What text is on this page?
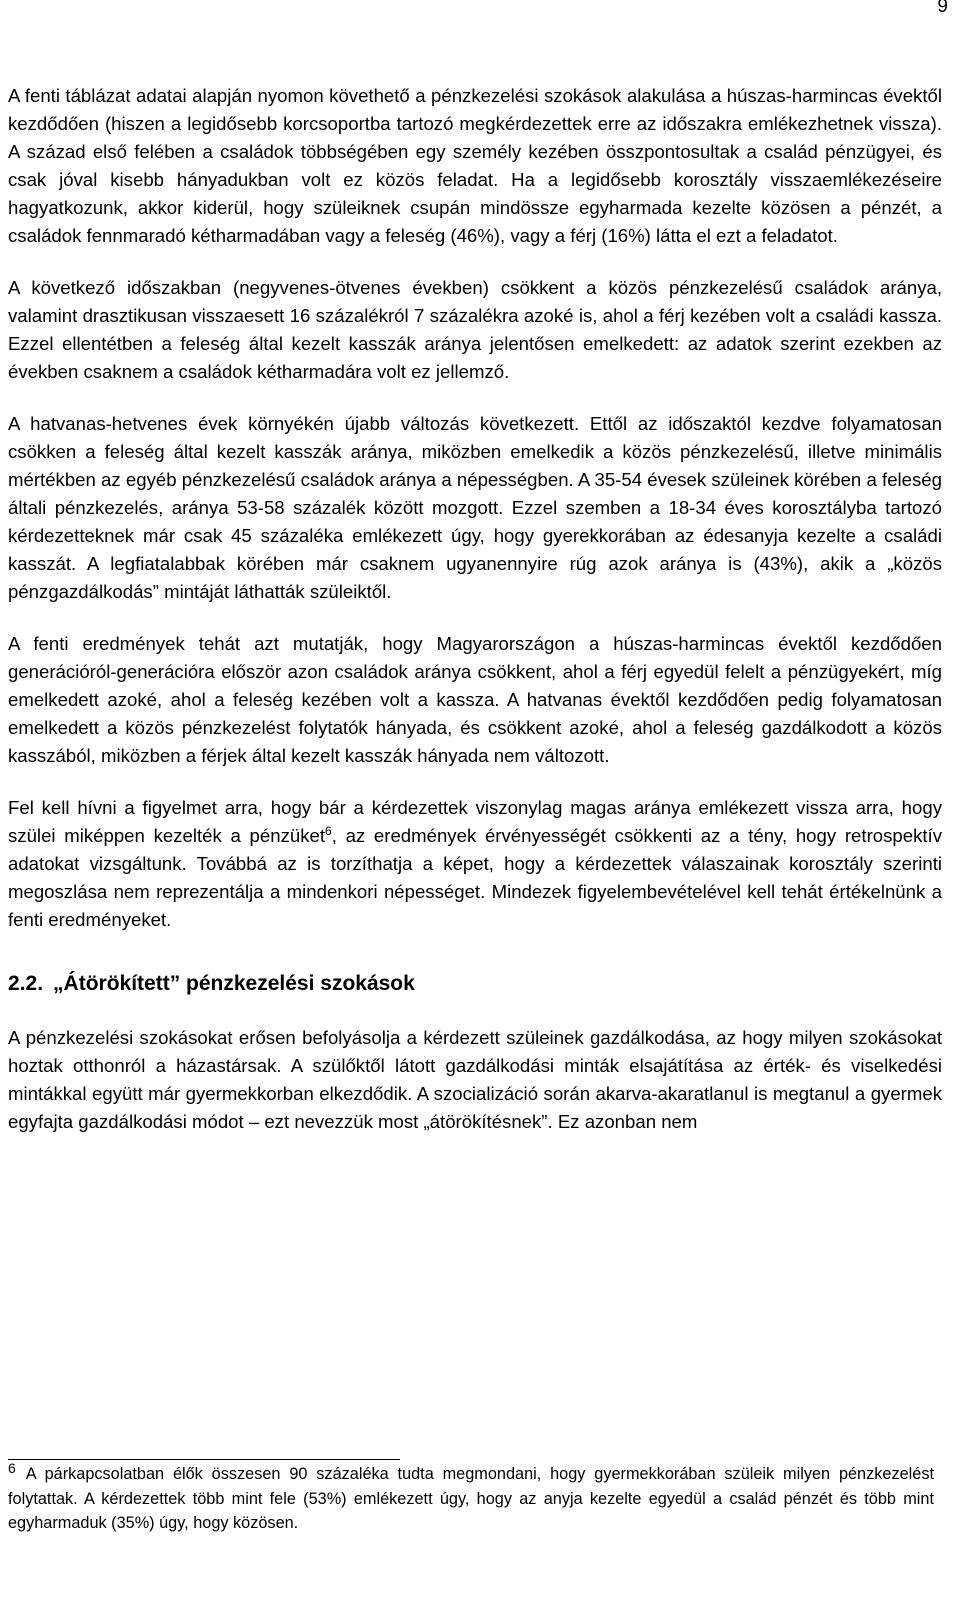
9

A fenti táblázat adatai alapján nyomon követhető a pénzkezelési szokások alakulása a húszas-harmincas évektől kezdődően (hiszen a legidősebb korcsoportba tartozó megkérdezettek erre az időszakra emlékezhetnek vissza). A század első felében a családok többségében egy személy kezében összpontosultak a család pénzügyei, és csak jóval kisebb hányadukban volt ez közös feladat. Ha a legidősebb korosztály visszaemlékezéseire hagyatkozunk, akkor kiderül, hogy szüleiknek csupán mindössze egyharmada kezelte közösen a pénzét, a családok fennmaradó kétharmadában vagy a feleség (46%), vagy a férj (16%) látta el ezt a feladatot.

A következő időszakban (negyvenes-ötvenes években) csökkent a közös pénzkezelésű családok aránya, valamint drasztikusan visszaesett 16 százalékról 7 százalékra azoké is, ahol a férj kezében volt a családi kassza. Ezzel ellentétben a feleség által kezelt kasszák aránya jelentősen emelkedett: az adatok szerint ezekben az években csaknem a családok kétharmadára volt ez jellemző.

A hatvanas-hetvenes évek környékén újabb változás következett. Ettől az időszaktól kezdve folyamatosan csökken a feleség által kezelt kasszák aránya, miközben emelkedik a közös pénzkezelésű, illetve minimális mértékben az egyéb pénzkezelésű családok aránya a népességben. A 35-54 évesek szüleinek körében a feleség általi pénzkezelés, aránya 53-58 százalék között mozgott. Ezzel szemben a 18-34 éves korosztályba tartozó kérdezetteknek már csak 45 százaléka emlékezett úgy, hogy gyerekkorában az édesanyja kezelte a családi kasszát. A legfiatalabbak körében már csaknem ugyanennyire rúg azok aránya is (43%), akik a „közös pénzgazdálkodás” mintáját láthatták szüleiktől.

A fenti eredmények tehát azt mutatják, hogy Magyarországon a húszas-harmincas évektől kezdődően generációról-generációra először azon családok aránya csökkent, ahol a férj egyedül felelt a pénzügyekért, míg emelkedett azoké, ahol a feleség kezében volt a kassza. A hatvanas évektől kezdődően pedig folyamatosan emelkedett a közös pénzkezelést folytatók hányada, és csökkent azoké, ahol a feleség gazdálkodott a közös kasszából, miközben a férjek által kezelt kasszák hányada nem változott.

Fel kell hívni a figyelmet arra, hogy bár a kérdezettek viszonylag magas aránya emlékezett vissza arra, hogy szülei miképpen kezelték a pénzüket$^6$, az eredmények érvényességét csökkenti az a tény, hogy retrospektív adatokat vizsgáltunk. Továbbá az is torzíthatja a képet, hogy a kérdezettek válaszainak korosztály szerinti megoszlása nem reprezentálja a mindenkori népességet. Mindezek figyelembevételével kell tehát értékelnünk a fenti eredményeket.

2.2. „Átörökített” pénzkezelési szokások

A pénzkezelési szokásokat erősen befolyásolja a kérdezett szüleinek gazdálkodása, az hogy milyen szokásokat hoztak otthonról a házastársak. A szülőktől látott gazdálkodási minták elsajátítása az érték- és viselkedési mintákkal együtt már gyermekkorban elkezdődik. A szocializáció során akarva-akaratlanul is megtanul a gyermek egyfajta gazdálkodási módot – ezt nevezzük most „átörökítésnek”. Ez azonban nem

6 A párkapcsolatban élők összesen 90 százaléka tudta megmondani, hogy gyermekkorában szüleik milyen pénzkezelést folytattak. A kérdezettek több mint fele (53%) emlékezett úgy, hogy az anyja kezelte egyedül a család pénzét és több mint egyharmaduk (35%) úgy, hogy közösen.
